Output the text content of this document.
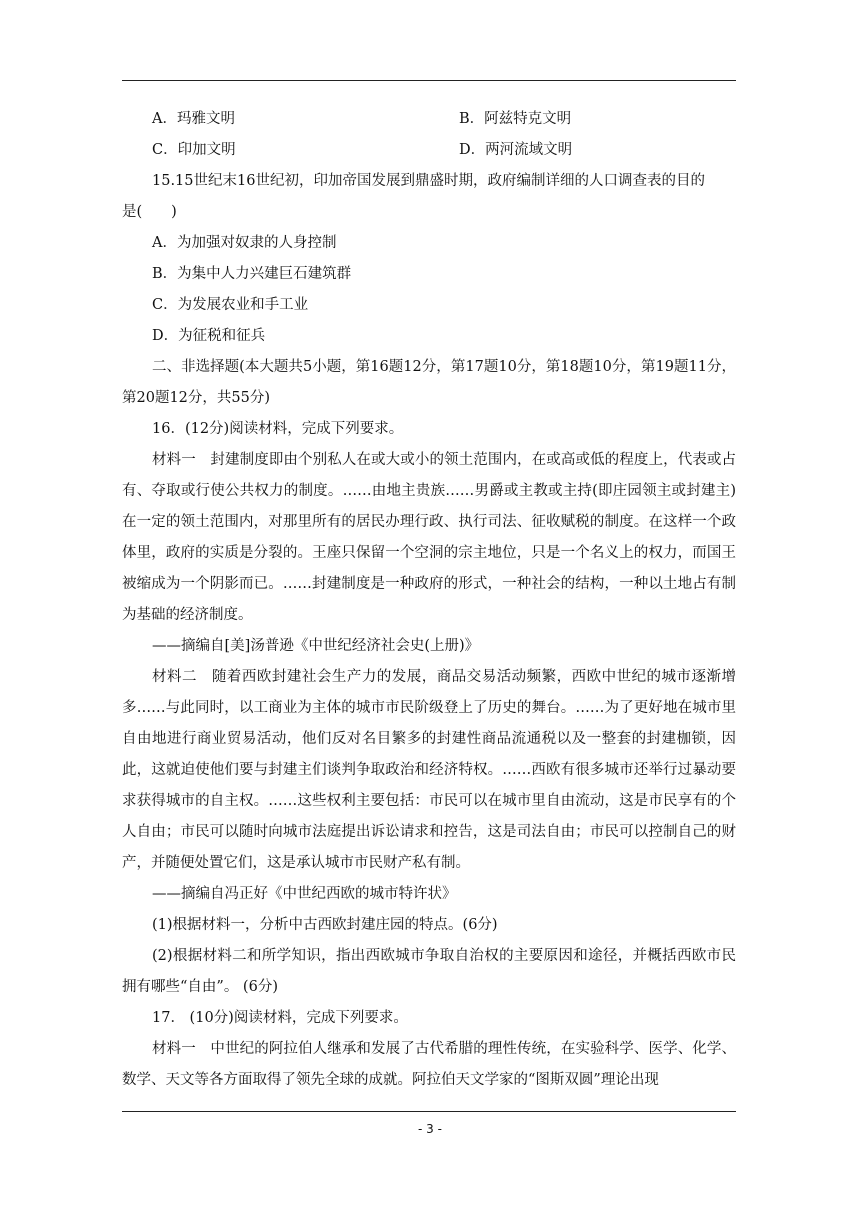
A．玛雅文明	B．阿兹特克文明
C．印加文明	D．两河流域文明

15.15世纪末16世纪初，印加帝国发展到鼎盛时期，政府编制详细的人口调查表的目的

是(　　)

A．为加强对奴隶的人身控制

B．为集中人力兴建巨石建筑群

C．为发展农业和手工业

D．为征税和征兵

二、非选择题(本大题共5小题，第16题12分，第17题10分，第18题10分，第19题11分，第20题12分，共55分)

16．(12分)阅读材料，完成下列要求。

材料一　封建制度即由个别私人在或大或小的领土范围内，在或高或低的程度上，代表或占有、夺取或行使公共权力的制度。……由地主贵族……男爵或主教或主持(即庄园领主或封建主)在一定的领土范围内，对那里所有的居民办理行政、执行司法、征收赋税的制度。在这样一个政体里，政府的实质是分裂的。王座只保留一个空洞的宗主地位，只是一个名义上的权力，而国王被缩成为一个阴影而已。……封建制度是一种政府的形式，一种社会的结构，一种以土地占有制为基础的经济制度。

——摘编自[美]汤普逊《中世纪经济社会史(上册)》

材料二　随着西欧封建社会生产力的发展，商品交易活动频繁，西欧中世纪的城市逐渐增多……与此同时，以工商业为主体的城市市民阶级登上了历史的舞台。……为了更好地在城市里自由地进行商业贸易活动，他们反对名目繁多的封建性商品流通税以及一整套的封建枷锁，因此，这就迫使他们要与封建主们谈判争取政治和经济特权。……西欧有很多城市还举行过暴动要求获得城市的自主权。……这些权利主要包括：市民可以在城市里自由流动，这是市民享有的个人自由；市民可以随时向城市法庭提出诉讼请求和控告，这是司法自由；市民可以控制自己的财产，并随便处置它们，这是承认城市市民财产私有制。

——摘编自冯正好《中世纪西欧的城市特许状》

(1)根据材料一，分析中古西欧封建庄园的特点。(6分)

(2)根据材料二和所学知识，指出西欧城市争取自治权的主要原因和途径，并概括西欧市民拥有哪些“自由”。 (6分)

17． (10分)阅读材料，完成下列要求。

材料一　中世纪的阿拉伯人继承和发展了古代希腊的理性传统，在实验科学、医学、化学、数学、天文等各方面取得了领先全球的成就。阿拉伯天文学家的“图斯双圆”理论出现

- 3 -
